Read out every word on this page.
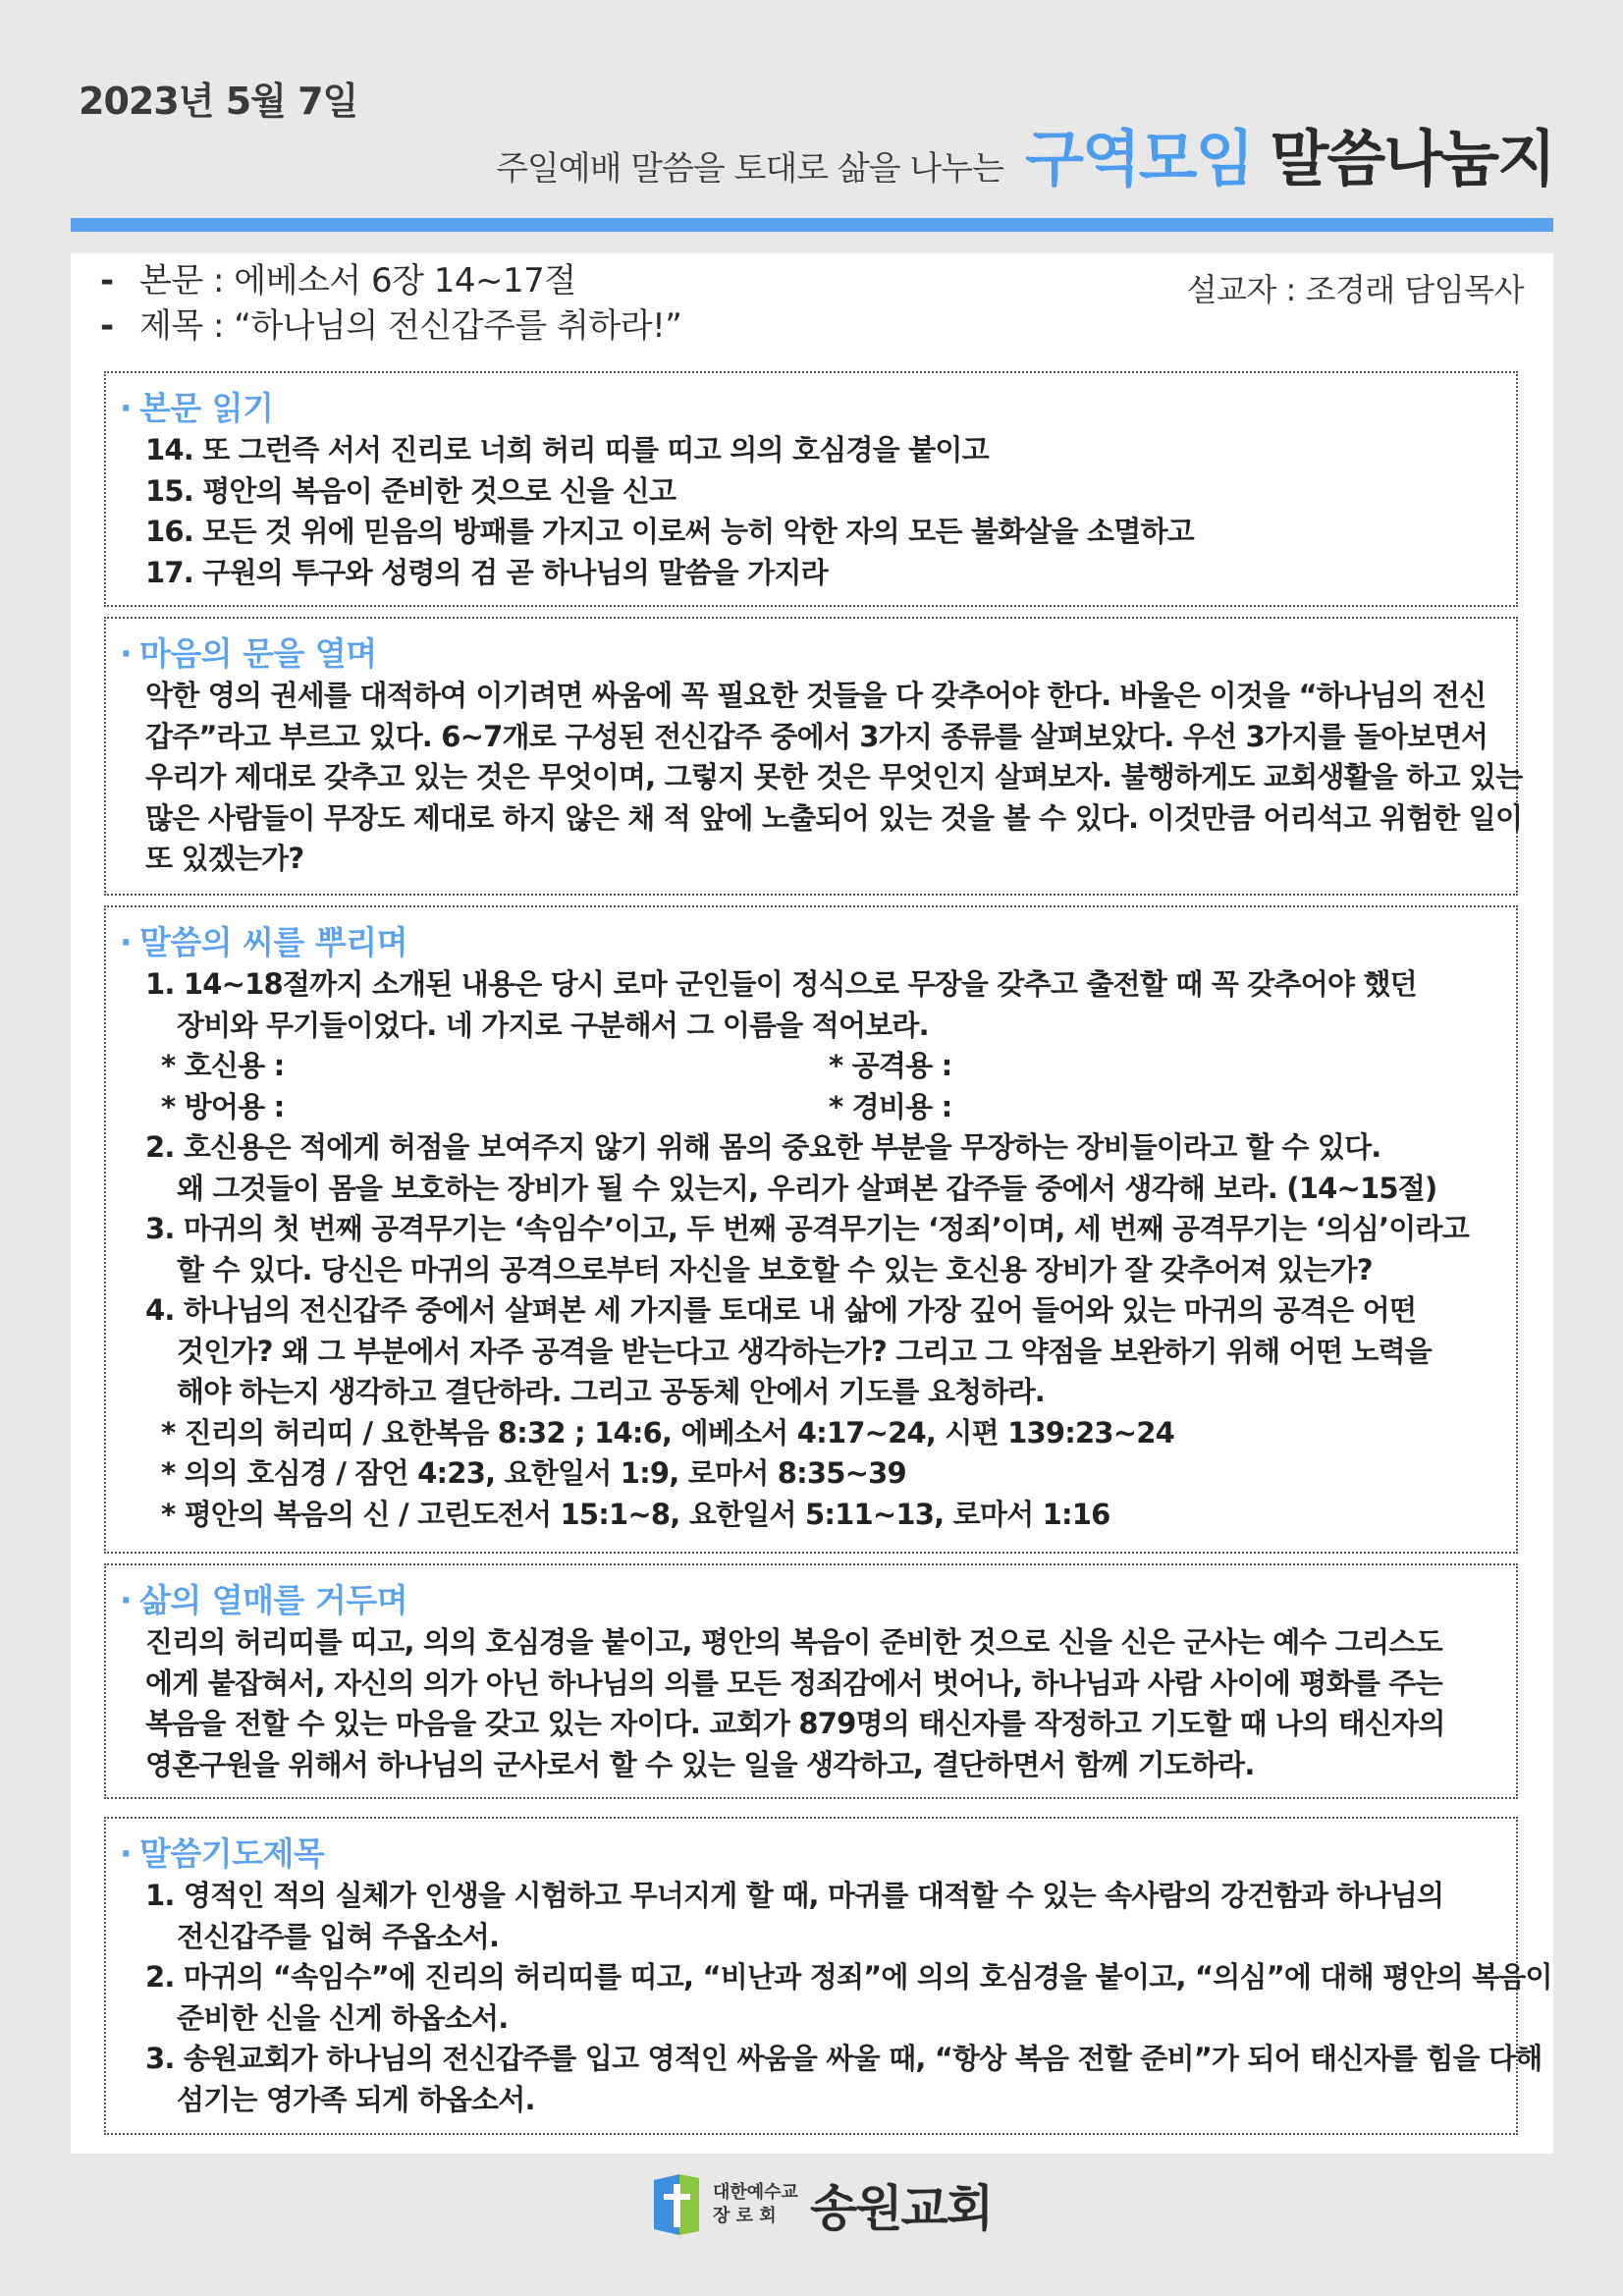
2023년 5월 7일
주일예배 말씀을 토대로 삶을 나누는 구역모임 말씀나눔지
- 본문 : 에베소서 6장 14~17절
- 제목 : “하나님의 전신갑주를 취하라!”
설교자 : 조경래 담임목사
· 본문 읽기
14. 또 그런즉 서서 진리로 너희 허리 띠를 띠고 의의 호심경을 붙이고
15. 평안의 복음이 준비한 것으로 신을 신고
16. 모든 것 위에 믿음의 방패를 가지고 이로써 능히 악한 자의 모든 불화살을 소멸하고
17. 구원의 투구와 성령의 검 곧 하나님의 말씀을 가지라
· 마음의 문을 열며
악한 영의 권세를 대적하여 이기려면 싸움에 꼭 필요한 것들을 다 갖추어야 한다. 바울은 이것을 “하나님의 전신
갑주”라고 부르고 있다. 6~7개로 구성된 전신갑주 중에서 3가지 종류를 살펴보았다. 우선 3가지를 돌아보면서
우리가 제대로 갖추고 있는 것은 무엇이며, 그렇지 못한 것은 무엇인지 살펴보자. 불행하게도 교회생활을 하고 있는
많은 사람들이 무장도 제대로 하지 않은 채 적 앞에 노출되어 있는 것을 볼 수 있다. 이것만큼 어리석고 위험한 일이
또 있겠는가?
· 말씀의 씨를 뿌리며
1. 14~18절까지 소개된 내용은 당시 로마 군인들이 정식으로 무장을 갖추고 출전할 때 꼭 갖추어야 했던
장비와 무기들이었다. 네 가지로 구분해서 그 이름을 적어보라.
* 호신용 :	* 공격용 :
* 방어용 :	* 경비용 :
2. 호신용은 적에게 허점을 보여주지 않기 위해 몸의 중요한 부분을 무장하는 장비들이라고 할 수 있다.
왜 그것들이 몸을 보호하는 장비가 될 수 있는지, 우리가 살펴본 갑주들 중에서 생각해 보라. (14~15절)
3. 마귀의 첫 번째 공격무기는 ‘속임수’이고, 두 번째 공격무기는 ‘정죄’이며, 세 번째 공격무기는 ‘의심’이라고
할 수 있다. 당신은 마귀의 공격으로부터 자신을 보호할 수 있는 호신용 장비가 잘 갖추어져 있는가?
4. 하나님의 전신갑주 중에서 살펴본 세 가지를 토대로 내 삶에 가장 깊어 들어와 있는 마귀의 공격은 어떤
것인가? 왜 그 부분에서 자주 공격을 받는다고 생각하는가? 그리고 그 약점을 보완하기 위해 어떤 노력을
해야 하는지 생각하고 결단하라. 그리고 공동체 안에서 기도를 요청하라.
* 진리의 허리띠 / 요한복음 8:32 ; 14:6, 에베소서 4:17~24, 시편 139:23~24
* 의의 호심경 / 잠언 4:23, 요한일서 1:9, 로마서 8:35~39
* 평안의 복음의 신 / 고린도전서 15:1~8, 요한일서 5:11~13, 로마서 1:16
· 삶의 열매를 거두며
진리의 허리띠를 띠고, 의의 호심경을 붙이고, 평안의 복음이 준비한 것으로 신을 신은 군사는 예수 그리스도
에게 붙잡혀서, 자신의 의가 아닌 하나님의 의를 모든 정죄감에서 벗어나, 하나님과 사람 사이에 평화를 주는
복음을 전할 수 있는 마음을 갖고 있는 자이다. 교회가 879명의 태신자를 작정하고 기도할 때 나의 태신자의
영혼구원을 위해서 하나님의 군사로서 할 수 있는 일을 생각하고, 결단하면서 함께 기도하라.
· 말씀기도제목
1. 영적인 적의 실체가 인생을 시험하고 무너지게 할 때, 마귀를 대적할 수 있는 속사람의 강건함과 하나님의
전신갑주를 입혀 주옵소서.
2. 마귀의 “속임수”에 진리의 허리띠를 띠고, “비난과 정죄”에 의의 호심경을 붙이고, “의심”에 대해 평안의 복음이
준비한 신을 신게 하옵소서.
3. 송원교회가 하나님의 전신갑주를 입고 영적인 싸움을 싸울 때, “항상 복음 전할 준비”가 되어 태신자를 힘을 다해
섬기는 영가족 되게 하옵소서.
대한예수교
장 로 회 송원교회
